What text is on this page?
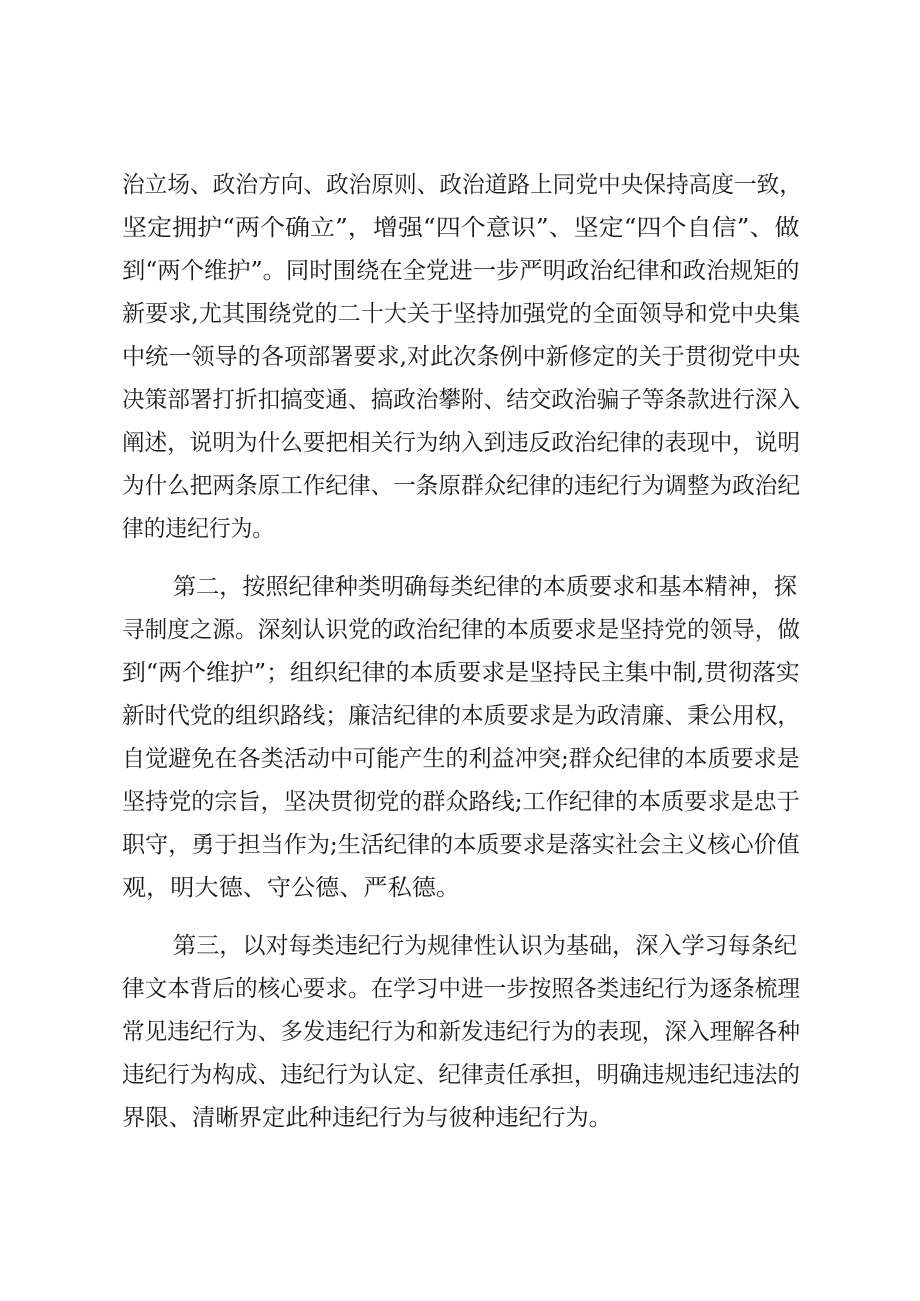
治立场、政治方向、政治原则、政治道路上同党中央保持高度一致，
坚定拥护“两个确立”，增强“四个意识”、坚定“四个自信”、做
到“两个维护”。同时围绕在全党进一步严明政治纪律和政治规矩的
新要求,尤其围绕党的二十大关于坚持加强党的全面领导和党中央集
中统一领导的各项部署要求,对此次条例中新修定的关于贯彻党中央
决策部署打折扣搞变通、搞政治攀附、结交政治骗子等条款进行深入
阐述，说明为什么要把相关行为纳入到违反政治纪律的表现中，说明
为什么把两条原工作纪律、一条原群众纪律的违纪行为调整为政治纪
律的违纪行为。
第二，按照纪律种类明确每类纪律的本质要求和基本精神，探
寻制度之源。深刻认识党的政治纪律的本质要求是坚持党的领导，做
到“两个维护”；组织纪律的本质要求是坚持民主集中制,贯彻落实
新时代党的组织路线；廉洁纪律的本质要求是为政清廉、秉公用权，
自觉避免在各类活动中可能产生的利益冲突;群众纪律的本质要求是
坚持党的宗旨，坚决贯彻党的群众路线;工作纪律的本质要求是忠于
职守，勇于担当作为;生活纪律的本质要求是落实社会主义核心价值
观，明大德、守公德、严私德。
第三，以对每类违纪行为规律性认识为基础，深入学习每条纪
律文本背后的核心要求。在学习中进一步按照各类违纪行为逐条梳理
常见违纪行为、多发违纪行为和新发违纪行为的表现，深入理解各种
违纪行为构成、违纪行为认定、纪律责任承担，明确违规违纪违法的
界限、清晰界定此种违纪行为与彼种违纪行为。
